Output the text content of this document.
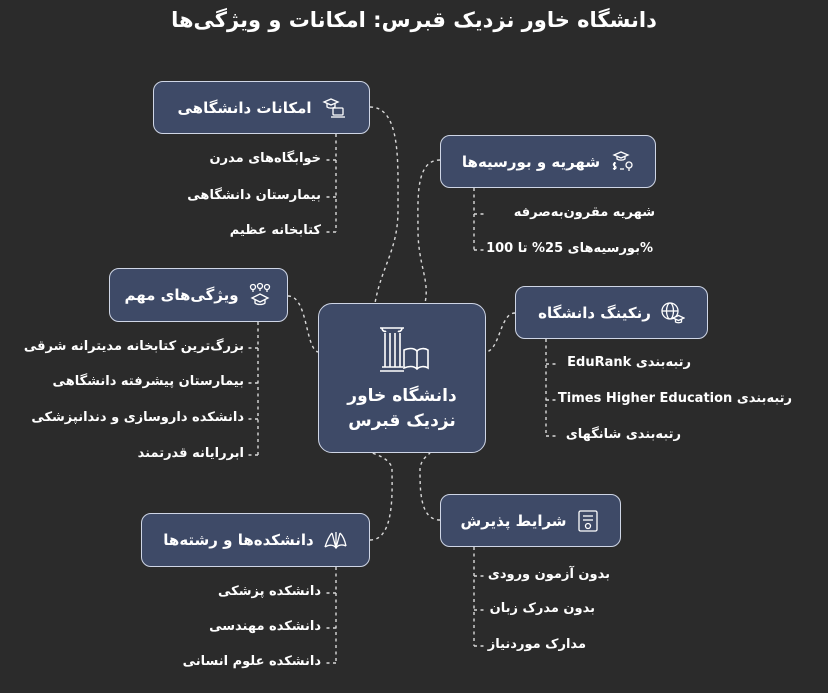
دانشگاه خاور نزدیک قبرس: امکانات و ویژگی‌ها
امکانات دانشگاهی
ویژگی‌های مهم
دانشکده‌ها و رشته‌ها
شهریه و بورسیه‌ها
رنکینگ دانشگاه
شرایط پذیرش
دانشگاه خاور
نزدیک قبرس
خوابگاه‌های مدرن
بیمارستان دانشگاهی
کتابخانه عظیم
بزرگ‌ترین کتابخانه مدیترانه شرقی
بیمارستان پیشرفته دانشگاهی
دانشکده داروسازی و دندانپزشکی
ابررایانه قدرتمند
دانشکده پزشکی
دانشکده مهندسی
دانشکده علوم انسانی
شهریه مقرون‌به‌صرفه
%بورسیه‌های 25% تا 100
EduRank رتبه‌بندی
Times Higher Education رتبه‌بندی
رتبه‌بندی شانگهای
بدون آزمون ورودی
بدون مدرک زبان
مدارک موردنیاز
